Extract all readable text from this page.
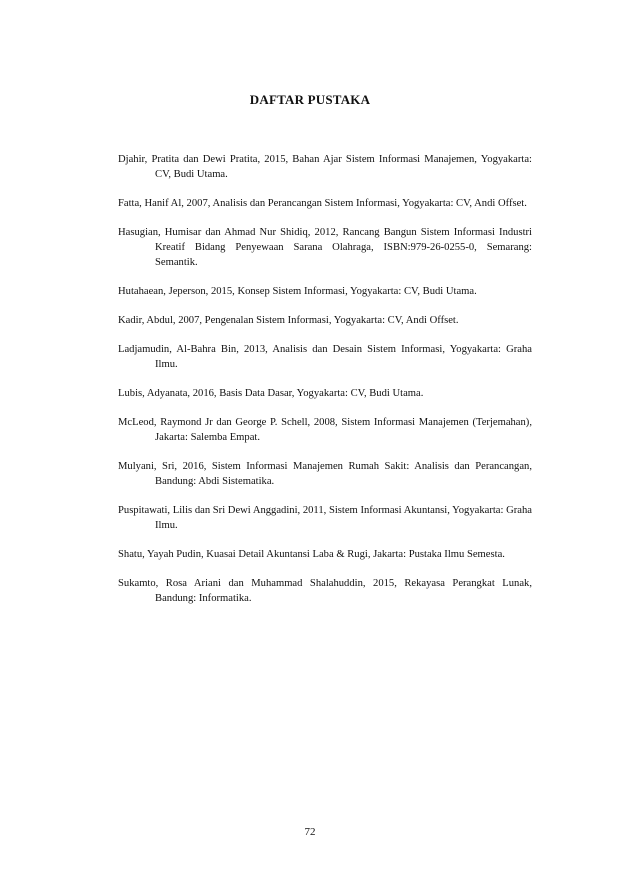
DAFTAR PUSTAKA
Djahir, Pratita dan Dewi Pratita, 2015, Bahan Ajar Sistem Informasi Manajemen, Yogyakarta: CV, Budi Utama.
Fatta, Hanif Al, 2007, Analisis dan Perancangan Sistem Informasi, Yogyakarta: CV, Andi Offset.
Hasugian, Humisar dan Ahmad Nur Shidiq, 2012, Rancang Bangun Sistem Informasi Industri Kreatif Bidang Penyewaan Sarana Olahraga, ISBN:979-26-0255-0, Semarang: Semantik.
Hutahaean, Jeperson, 2015, Konsep Sistem Informasi, Yogyakarta: CV, Budi Utama.
Kadir, Abdul, 2007, Pengenalan Sistem Informasi, Yogyakarta: CV, Andi Offset.
Ladjamudin, Al-Bahra Bin, 2013, Analisis dan Desain Sistem Informasi, Yogyakarta: Graha Ilmu.
Lubis, Adyanata, 2016, Basis Data Dasar, Yogyakarta: CV, Budi Utama.
McLeod, Raymond Jr dan George P. Schell, 2008, Sistem Informasi Manajemen (Terjemahan), Jakarta: Salemba Empat.
Mulyani, Sri, 2016, Sistem Informasi Manajemen Rumah Sakit: Analisis dan Perancangan, Bandung: Abdi Sistematika.
Puspitawati, Lilis dan Sri Dewi Anggadini, 2011, Sistem Informasi Akuntansi, Yogyakarta: Graha Ilmu.
Shatu, Yayah Pudin, Kuasai Detail Akuntansi Laba & Rugi, Jakarta: Pustaka Ilmu Semesta.
Sukamto, Rosa Ariani dan Muhammad Shalahuddin, 2015, Rekayasa Perangkat Lunak, Bandung: Informatika.
72
